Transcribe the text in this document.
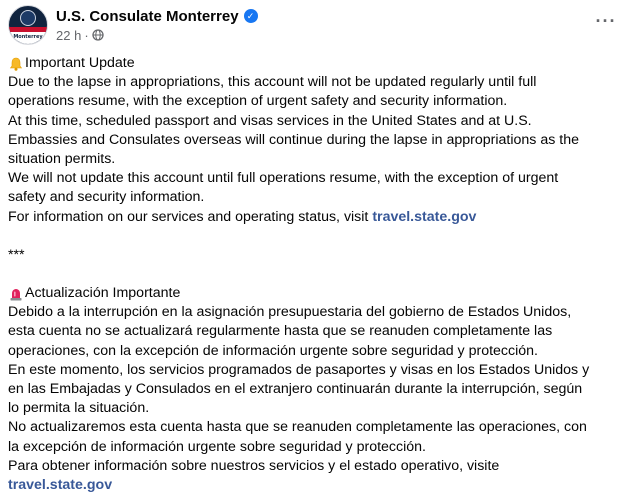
Monterrey
U.S. Consulate Monterrey ✓
22 h ·
···
Important Update
Due to the lapse in appropriations, this account will not be updated regularly until full
operations resume, with the exception of urgent safety and security information.
At this time, scheduled passport and visas services in the United States and at U.S.
Embassies and Consulates overseas will continue during the lapse in appropriations as the
situation permits.
We will not update this account until full operations resume, with the exception of urgent
safety and security information.
For information on our services and operating status, visit travel.state.gov
***
Actualización Importante
Debido a la interrupción en la asignación presupuestaria del gobierno de Estados Unidos,
esta cuenta no se actualizará regularmente hasta que se reanuden completamente las
operaciones, con la excepción de información urgente sobre seguridad y protección.
En este momento, los servicios programados de pasaportes y visas en los Estados Unidos y
en las Embajadas y Consulados en el extranjero continuarán durante la interrupción, según
lo permita la situación.
No actualizaremos esta cuenta hasta que se reanuden completamente las operaciones, con
la excepción de información urgente sobre seguridad y protección.
Para obtener información sobre nuestros servicios y el estado operativo, visite
travel.state.gov
